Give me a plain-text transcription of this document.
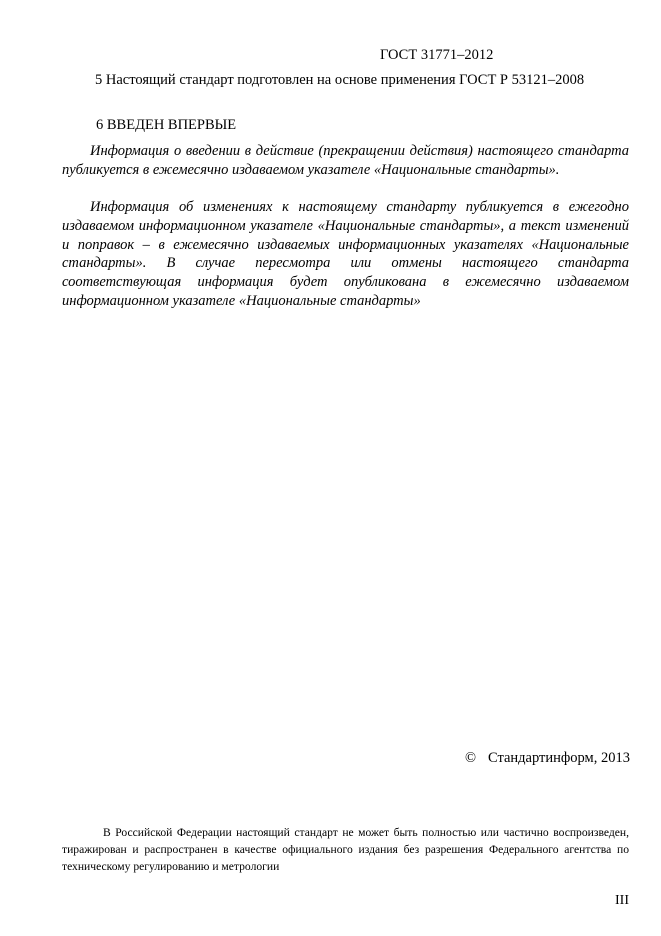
ГОСТ 31771–2012
5 Настоящий стандарт подготовлен на основе применения ГОСТ Р 53121–2008
6 ВВЕДЕН ВПЕРВЫЕ

Информация о введении в действие (прекращении действия) настоящего стандарта публикуется в ежемесячно издаваемом указателе «Национальные стандарты».

Информация об изменениях к настоящему стандарту публикуется в ежегодно издаваемом информационном указателе «Национальные стандарты», а текст изменений и поправок – в ежемесячно издаваемых информационных указателях «Национальные стандарты». В случае пересмотра или отмены настоящего стандарта соответствующая информация будет опубликована в ежемесячно издаваемом информационном указателе «Национальные стандарты»

© Стандартинформ, 2013

В Российской Федерации настоящий стандарт не может быть полностью или частично воспроизведен, тиражирован и распространен в качестве официального издания без разрешения Федерального агентства по техническому регулированию и метрологии

III
